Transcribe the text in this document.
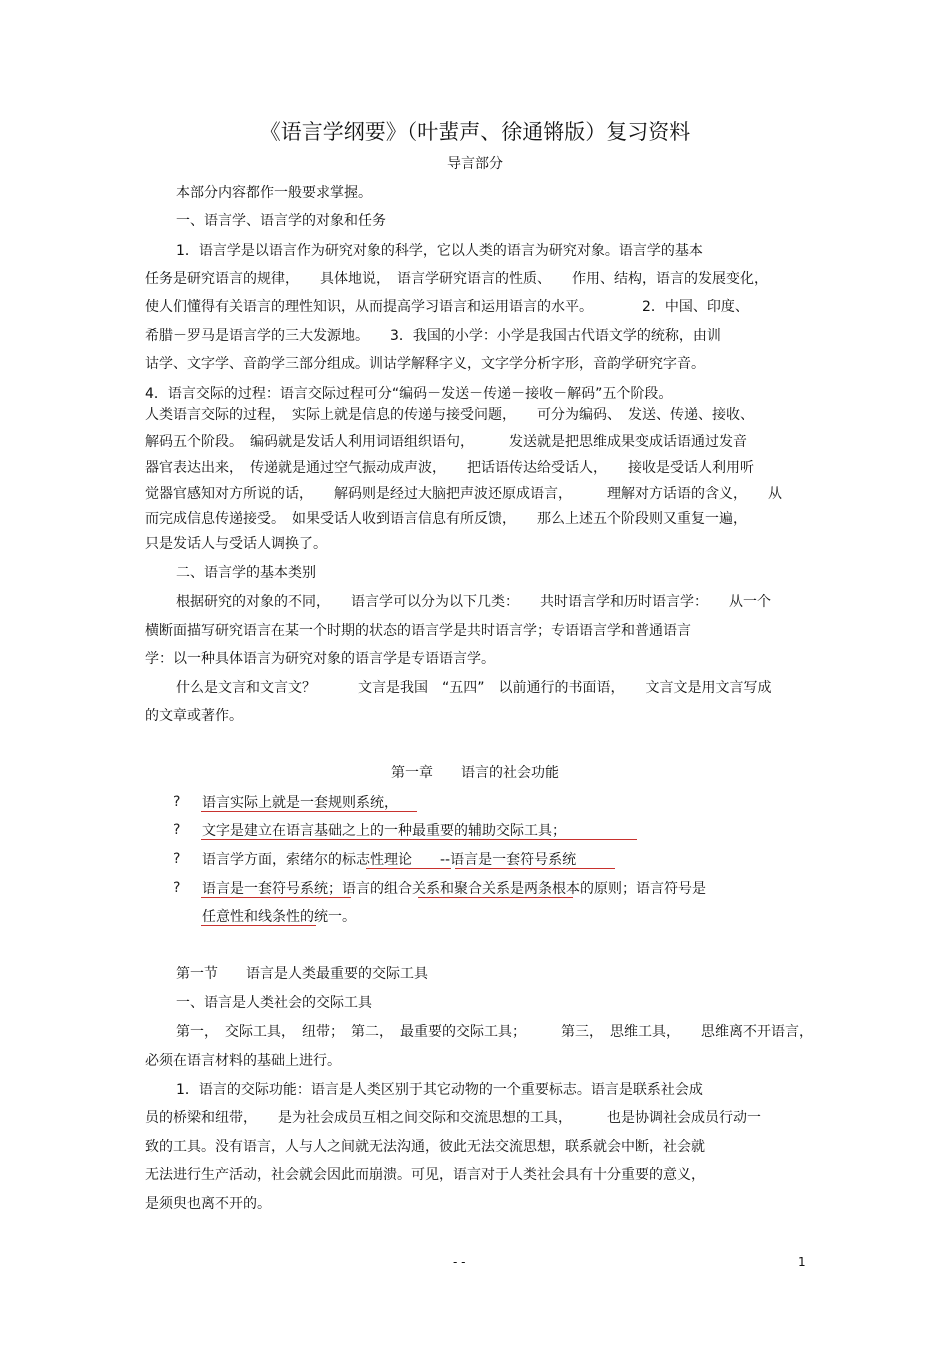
《语言学纲要》（叶蜚声、徐通锵版）复习资料
导言部分
本部分内容都作一般要求掌握。
一、语言学、语言学的对象和任务
1．语言学是以语言作为研究对象的科学，它以人类的语言为研究对象。语言学的基本
任务是研究语言的规律，　　具体地说，　语言学研究语言的性质、　　作用、结构，语言的发展变化，
使人们懂得有关语言的理性知识，从而提高学习语言和运用语言的水平。　　　　2．中国、印度、
希腊－罗马是语言学的三大发源地。　　3．我国的小学：小学是我国古代语文学的统称，由训
诂学、文字学、音韵学三部分组成。训诂学解释字义，文字学分析字形，音韵学研究字音。
4．语言交际的过程：语言交际过程可分“编码－发送－传递－接收－解码”五个阶段。
人类语言交际的过程，　实际上就是信息的传递与接受问题，　　可分为编码、　发送、传递、接收、
解码五个阶段。　编码就是发话人利用词语组织语句，　　　发送就是把思维成果变成话语通过发音
器官表达出来，　传递就是通过空气振动成声波，　　把话语传达给受话人，　　接收是受话人利用听
觉器官感知对方所说的话，　　解码则是经过大脑把声波还原成语言，　　　理解对方话语的含义，　　从
而完成信息传递接受。　如果受话人收到语言信息有所反馈，　　那么上述五个阶段则又重复一遍，
只是发话人与受话人调换了。
二、语言学的基本类别
根据研究的对象的不同，　　语言学可以分为以下几类：　　共时语言学和历时语言学：　　从一个
横断面描写研究语言在某一个时期的状态的语言学是共时语言学；专语语言学和普通语言
学：以一种具体语言为研究对象的语言学是专语语言学。
什么是文言和文言文？　　　文言是我国　“五四”　以前通行的书面语，　　文言文是用文言写成
的文章或著作。
第一章　　语言的社会功能
? 语言实际上就是一套规则系统，
? 文字是建立在语言基础之上的一种最重要的辅助交际工具；
? 语言学方面，索绪尔的标志性理论　　--语言是一套符号系统
? 语言是一套符号系统；语言的组合关系和聚合关系是两条根本的原则；语言符号是
任意性和线条性的统一。
第一节　　语言是人类最重要的交际工具
一、语言是人类社会的交际工具
第一，　交际工具，　纽带；　第二，　最重要的交际工具；　　　第三，　思维工具，　　思维离不开语言，
必须在语言材料的基础上进行。
1．语言的交际功能：语言是人类区别于其它动物的一个重要标志。语言是联系社会成
员的桥梁和纽带，　　是为社会成员互相之间交际和交流思想的工具，　　　也是协调社会成员行动一
致的工具。没有语言，人与人之间就无法沟通，彼此无法交流思想，联系就会中断，社会就
无法进行生产活动，社会就会因此而崩溃。可见，语言对于人类社会具有十分重要的意义，
是须臾也离不开的。
- -	1
